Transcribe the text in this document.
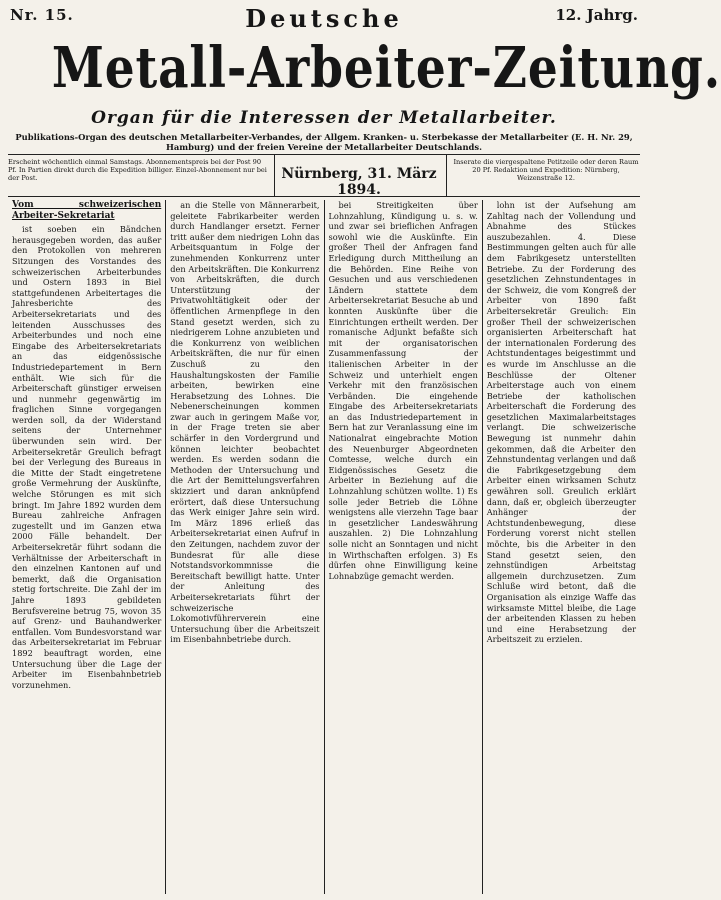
Nr. 15.	12. Jahrg.
Deutsche
Metall-Arbeiter-Zeitung.
Organ für die Interessen der Metallarbeiter.
Publikations-Organ des deutschen Metallarbeiter-Verbandes, der Allgem. Kranken- u. Sterbekasse der Metallarbeiter (E. H. Nr. 29, Hamburg) und der freien Vereine der Metallarbeiter Deutschlands.
Erscheint wöchentlich einmal Samstags. Abonnementspreis bei der Post 90 Pf. In Partien direkt durch die Expedition billiger. Einzel-Abonnement nur bei der Post.	Nürnberg, 31. März 1894.
Inserate die viergespaltene Petitzeile oder deren Raum 20 Pf. Redaktion und Expedition: Nürnberg, Weizenstraße 12.
Vom schweizerischen Arbeiter-Sekretariat

ist soeben ein Bändchen herausgegeben worden, das außer den Protokollen von mehreren Sitzungen des Vorstandes des schweizerischen Arbeiterbundes und Ostern 1893 in Biel stattgefundenen Arbeitertages die Jahresberichte des Arbeitersekretariats und des leitenden Ausschusses des Arbeiterbundes und noch eine Eingabe des Arbeitersekretariats an das eidgenössische Industriedepartement in Bern enthält. Wie sich für die Arbeiterschaft günstiger erweisen und nunmehr gegenwärtig im fraglichen Sinne vorgegangen werden soll, da der Widerstand seitens der Unternehmer überwunden sein wird. Der Arbeitersekretär Greulich befragt bei der Verlegung des Bureaus in die Mitte der Stadt eingetretene große Vermehrung der Auskünfte, welche Störungen es mit sich bringt. Im Jahre 1892 wurden dem Bureau zahlreiche Anfragen zugestellt und im Ganzen etwa 2000 Fälle behandelt. Der Arbeitersekretär führt sodann die Verhältnisse der Arbeiterschaft in den einzelnen Kantonen auf und bemerkt, daß die Organisation stetig fortschreite. Die Zahl der im Jahre 1893 gebildeten Berufsvereine betrug 75, wovon 35 auf Grenz- und Bauhandwerker entfallen. Vom Bundesvorstand war das Arbeitersekretariat im Februar 1892 beauftragt worden, eine Untersuchung über die Lage der Arbeiter im Eisenbahnbetrieb vorzunehmen.

an die Stelle von Männerarbeit, geleitete Fabrikarbeiter werden durch Handlanger ersetzt. Ferner tritt außer dem niedrigen Lohn das Arbeitsquantum in Folge der zunehmenden Konkurrenz unter den Arbeitskräften. Die Konkurrenz von Arbeitskräften, die durch Unterstützung der Privatwohltätigkeit oder der öffentlichen Armenpflege in den Stand gesetzt werden, sich zu niedrigerem Lohne anzubieten und die Konkurrenz von weiblichen Arbeitskräften, die nur für einen Zuschuß zu den Haushaltungskosten der Familie arbeiten, bewirken eine Herabsetzung des Lohnes. Die Nebenerscheinungen kommen zwar auch in geringem Maße vor, in der Frage treten sie aber schärfer in den Vordergrund und können leichter beobachtet werden. Es werden sodann die Methoden der Untersuchung und die Art der Bemittelungsverfahren skizziert und daran anknüpfend erörtert, daß diese Untersuchung das Werk einiger Jahre sein wird. Im März 1896 erließ das Arbeitersekretariat einen Aufruf in den Zeitungen, nachdem zuvor der Bundesrat für alle diese Notstandsvorkommnisse die Bereitschaft bewilligt hatte. Unter der Anleitung des Arbeitersekretariats führt der schweizerische Lokomotivführerverein eine Untersuchung über die Arbeitszeit im Eisenbahnbetriebe durch.

bei Streitigkeiten über Lohnzahlung, Kündigung u. s. w. und zwar sei brieflichen Anfragen sowohl wie die Auskünfte. Ein großer Theil der Anfragen fand Erledigung durch Mittheilung an die Behörden. Eine Reihe von Gesuchen und aus verschiedenen Ländern stattete dem Arbeitersekretariat Besuche ab und konnten Auskünfte über die Einrichtungen ertheilt werden. Der romanische Adjunkt befaßte sich mit der organisatorischen Zusammenfassung der italienischen Arbeiter in der Schweiz und unterhielt engen Verkehr mit den französischen Verbänden. Die eingehende Eingabe des Arbeitersekretariats an das Industriedepartement in Bern hat zur Veranlassung eine im Nationalrat eingebrachte Motion des Neuenburger Abgeordneten Comtesse, welche durch ein Eidgenössisches Gesetz die Arbeiter in Beziehung auf die Lohnzahlung schützen wollte. 1) Es solle jeder Betrieb die Löhne wenigstens alle vierzehn Tage baar in gesetzlicher Landeswährung auszahlen. 2) Die Lohnzahlung solle nicht an Sonntagen und nicht in Wirthschaften erfolgen. 3) Es dürfen ohne Einwilligung keine Lohnabzüge gemacht werden.

lohn ist der Aufsehung am Zahltag nach der Vollendung und Abnahme des Stückes auszubezahlen. 4. Diese Bestimmungen gelten auch für alle dem Fabrikgesetz unterstellten Betriebe. Zu der Forderung des gesetzlichen Zehnstundentages in der Schweiz, die vom Kongreß der Arbeiter von 1890 faßt Arbeitersekretär Greulich: Ein großer Theil der schweizerischen organisierten Arbeiterschaft hat der internationalen Forderung des Achtstundentages beigestimmt und es wurde im Anschlusse an die Beschlüsse der Oltener Arbeiterstage auch von einem Betriebe der katholischen Arbeiterschaft die Forderung des gesetzlichen Maximalarbeitstages verlangt. Die schweizerische Bewegung ist nunmehr dahin gekommen, daß die Arbeiter den Zehnstundentag verlangen und daß die Fabrikgesetzgebung dem Arbeiter einen wirksamen Schutz gewähren soll. Greulich erklärt dann, daß er, obgleich überzeugter Anhänger der Achtstundenbewegung, diese Forderung vorerst nicht stellen möchte, bis die Arbeiter in den Stand gesetzt seien, den zehnstündigen Arbeitstag allgemein durchzusetzen. Zum Schluße wird betont, daß die Organisation als einzige Waffe das wirksamste Mittel bleibe, die Lage der arbeitenden Klassen zu heben und eine Herabsetzung der Arbeitszeit zu erzielen.
